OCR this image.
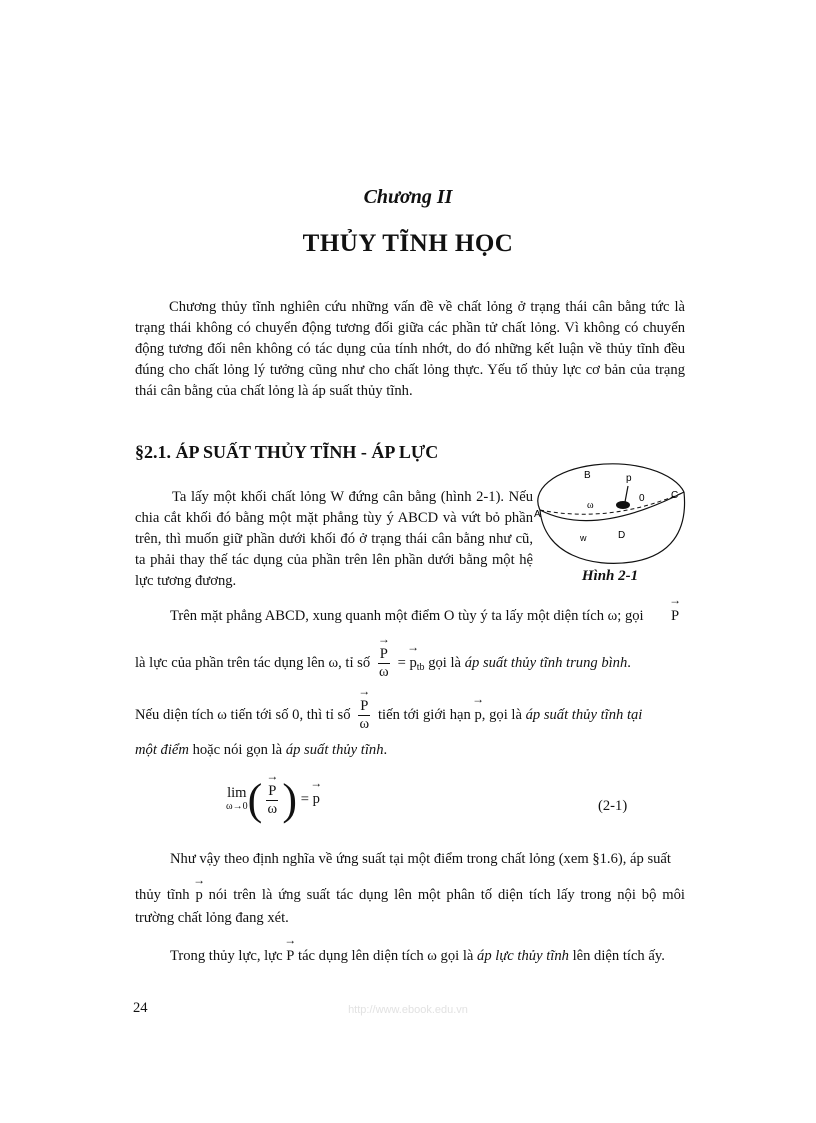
Chương II
THỦY TĨNH HỌC
Chương thủy tĩnh nghiên cứu những vấn đề về chất lỏng ở trạng thái cân bằng tức là trạng thái không có chuyển động tương đối giữa các phần tử chất lỏng. Vì không có chuyển động tương đối nên không có tác dụng của tính nhớt, do đó những kết luận về thủy tĩnh đều đúng cho chất lỏng lý tưởng cũng như cho chất lỏng thực. Yếu tố thủy lực cơ bản của trạng thái cân bằng của chất lỏng là áp suất thủy tĩnh.
§2.1. ÁP SUẤT THỦY TĨNH - ÁP LỰC
Ta lấy một khối chất lỏng W đứng cân bằng (hình 2-1). Nếu chia cắt khối đó bằng một mặt phẳng tùy ý ABCD và vứt bỏ phần trên, thì muốn giữ phần dưới khối đó ở trạng thái cân bằng như cũ, ta phải thay thế tác dụng của phần trên lên phần dưới bằng một hệ lực tương đương.
B	p
0	C
ω
A
D
w
Hình 2-1
Trên mặt phẳng ABCD, xung quanh một điểm O tùy ý ta lấy một diện tích ω; gọi → P
là lực của phần trên tác dụng lên ω, tỉ số → $\frac{P}{\omega}$ = → $p_{tb}$ gọi là áp suất thủy tĩnh trung bình.
Nếu diện tích ω tiến tới số 0, thì tỉ số → $\frac{P}{\omega}$ tiến tới giới hạn → p, gọi là áp suất thủy tĩnh tại
một điểm hoặc nói gọn là áp suất thủy tĩnh.
lim
ω→0 ( → $\frac{P}{\omega}$ ) = → p	(2-1)
Như vậy theo định nghĩa về ứng suất tại một điểm trong chất lỏng (xem §1.6), áp suất
thủy tĩnh → p nói trên là ứng suất tác dụng lên một phân tố diện tích lấy trong nội bộ môi
trường chất lỏng đang xét.
Trong thủy lực, lực → P tác dụng lên diện tích ω gọi là áp lực thủy tĩnh lên diện tích ấy.
24	http://www.ebook.edu.vn
